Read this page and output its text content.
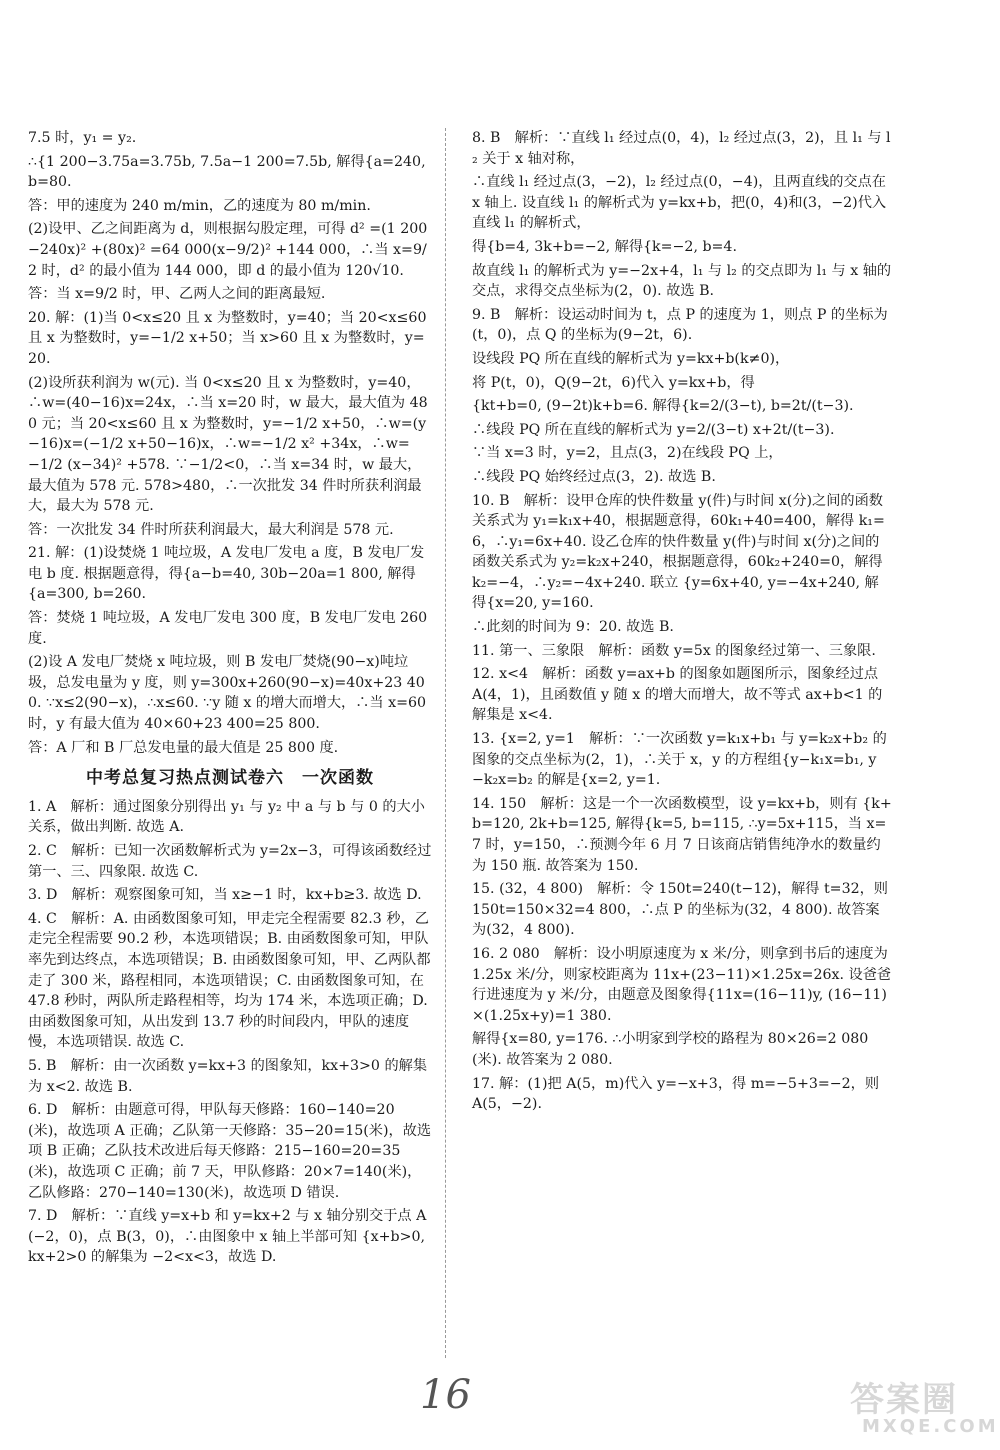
7.5 时，y₁ = y₂.

∴{1 200−3.75a=3.75b, 7.5a−1 200=7.5b, 解得{a=240, b=80.

答：甲的速度为 240 m/min，乙的速度为 80 m/min.

(2)设甲、乙之间距离为 d，则根据勾股定理，可得 d² =(1 200 −240x)² +(80x)² =64 000(x−9/2)² +144 000，∴当 x=9/2 时，d² 的最小值为 144 000，即 d 的最小值为 120√10.

答：当 x=9/2 时，甲、乙两人之间的距离最短.

20. 解：(1)当 0<x≤20 且 x 为整数时，y=40；当 20<x≤60 且 x 为整数时，y=−1/2 x+50；当 x>60 且 x 为整数时，y=20.

(2)设所获利润为 w(元). 当 0<x≤20 且 x 为整数时，y=40，∴w=(40−16)x=24x，∴当 x=20 时，w 最大，最大值为 480 元；当 20<x≤60 且 x 为整数时，y=−1/2 x+50，∴w=(y−16)x=(−1/2 x+50−16)x，∴w=−1/2 x² +34x，∴w=−1/2 (x−34)² +578. ∵−1/2<0，∴当 x=34 时，w 最大，最大值为 578 元. 578>480，∴一次批发 34 件时所获利润最大，最大为 578 元.

答：一次批发 34 件时所获利润最大，最大利润是 578 元.

21. 解：(1)设焚烧 1 吨垃圾，A 发电厂发电 a 度，B 发电厂发电 b 度. 根据题意得，得{a−b=40, 30b−20a=1 800, 解得{a=300, b=260.

答：焚烧 1 吨垃圾，A 发电厂发电 300 度，B 发电厂发电 260 度.

(2)设 A 发电厂焚烧 x 吨垃圾，则 B 发电厂焚烧(90−x)吨垃圾，总发电量为 y 度，则 y=300x+260(90−x)=40x+23 400. ∵x≤2(90−x)，∴x≤60. ∵y 随 x 的增大而增大，∴当 x=60 时，y 有最大值为 40×60+23 400=25 800.

答：A 厂和 B 厂总发电量的最大值是 25 800 度.

中考总复习热点测试卷六　一次函数

1. A　解析：通过图象分别得出 y₁ 与 y₂ 中 a 与 b 与 0 的大小关系，做出判断. 故选 A.

2. C　解析：已知一次函数解析式为 y=2x−3，可得该函数经过第一、三、四象限. 故选 C.

3. D　解析：观察图象可知，当 x≥−1 时，kx+b≥3. 故选 D.

4. C　解析：A. 由函数图象可知，甲走完全程需要 82.3 秒，乙走完全程需要 90.2 秒，本选项错误；B. 由函数图象可知，甲队率先到达终点，本选项错误；B. 由函数图象可知，甲、乙两队都走了 300 米，路程相同，本选项错误；C. 由函数图象可知，在 47.8 秒时，两队所走路程相等，均为 174 米，本选项正确；D. 由函数图象可知，从出发到 13.7 秒的时间段内，甲队的速度慢，本选项错误. 故选 C.

5. B　解析：由一次函数 y=kx+3 的图象知，kx+3>0 的解集为 x<2. 故选 B.

6. D　解析：由题意可得，甲队每天修路：160−140=20(米)，故选项 A 正确；乙队第一天修路：35−20=15(米)，故选项 B 正确；乙队技术改进后每天修路：215−160=20=35(米)，故选项 C 正确；前 7 天，甲队修路：20×7=140(米)，乙队修路：270−140=130(米)，故选项 D 错误.

7. D　解析：∵直线 y=x+b 和 y=kx+2 与 x 轴分别交于点 A(−2，0)，点 B(3，0)，∴由图象中 x 轴上半部可知 {x+b>0, kx+2>0 的解集为 −2<x<3，故选 D.

8. B　解析：∵直线 l₁ 经过点(0，4)，l₂ 经过点(3，2)，且 l₁ 与 l₂ 关于 x 轴对称，

∴直线 l₁ 经过点(3，−2)，l₂ 经过点(0，−4)，且两直线的交点在 x 轴上. 设直线 l₁ 的解析式为 y=kx+b，把(0，4)和(3，−2)代入直线 l₁ 的解析式，

得{b=4, 3k+b=−2, 解得{k=−2, b=4.

故直线 l₁ 的解析式为 y=−2x+4，l₁ 与 l₂ 的交点即为 l₁ 与 x 轴的交点，求得交点坐标为(2，0). 故选 B.

9. B　解析：设运动时间为 t，点 P 的速度为 1，则点 P 的坐标为(t，0)，点 Q 的坐标为(9−2t，6).

设线段 PQ 所在直线的解析式为 y=kx+b(k≠0)，

将 P(t，0)，Q(9−2t，6)代入 y=kx+b，得

{kt+b=0, (9−2t)k+b=6. 解得{k=2/(3−t), b=2t/(t−3).

∴线段 PQ 所在直线的解析式为 y=2/(3−t) x+2t/(t−3).

∵当 x=3 时，y=2，且点(3，2)在线段 PQ 上，

∴线段 PQ 始终经过点(3，2). 故选 B.

10. B　解析：设甲仓库的快件数量 y(件)与时间 x(分)之间的函数关系式为 y₁=k₁x+40，根据题意得，60k₁+40=400，解得 k₁=6，∴y₁=6x+40. 设乙仓库的快件数量 y(件)与时间 x(分)之间的函数关系式为 y₂=k₂x+240，根据题意得，60k₂+240=0，解得 k₂=−4，∴y₂=−4x+240. 联立 {y=6x+40, y=−4x+240, 解得{x=20, y=160.

∴此刻的时间为 9：20. 故选 B.

11. 第一、三象限　解析：函数 y=5x 的图象经过第一、三象限.

12. x<4　解析：函数 y=ax+b 的图象如题图所示，图象经过点 A(4，1)，且函数值 y 随 x 的增大而增大，故不等式 ax+b<1 的解集是 x<4.

13. {x=2, y=1　解析：∵一次函数 y=k₁x+b₁ 与 y=k₂x+b₂ 的图象的交点坐标为(2，1)，∴关于 x，y 的方程组{y−k₁x=b₁, y−k₂x=b₂ 的解是{x=2, y=1.

14. 150　解析：这是一个一次函数模型，设 y=kx+b，则有 {k+b=120, 2k+b=125, 解得{k=5, b=115, ∴y=5x+115，当 x=7 时，y=150，∴预测今年 6 月 7 日该商店销售纯净水的数量约为 150 瓶. 故答案为 150.

15. (32，4 800)　解析：令 150t=240(t−12)，解得 t=32，则 150t=150×32=4 800，∴点 P 的坐标为(32，4 800). 故答案为(32，4 800).

16. 2 080　解析：设小明原速度为 x 米/分，则拿到书后的速度为 1.25x 米/分，则家校距离为 11x+(23−11)×1.25x=26x. 设爸爸行进速度为 y 米/分，由题意及图象得{11x=(16−11)y, (16−11)×(1.25x+y)=1 380.

解得{x=80, y=176. ∴小明家到学校的路程为 80×26=2 080(米). 故答案为 2 080.

17. 解：(1)把 A(5，m)代入 y=−x+3，得 m=−5+3=−2，则 A(5，−2).

16	答案圈
MXQE.COM
